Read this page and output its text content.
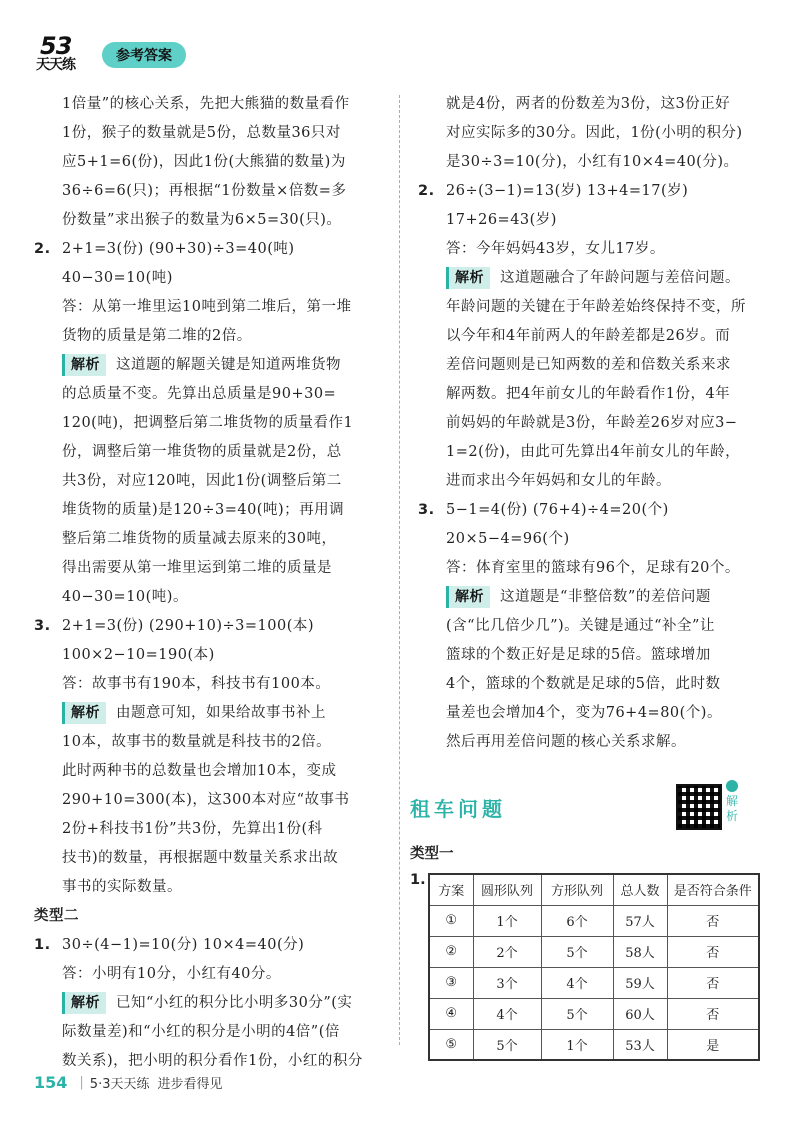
53
天天练
参考答案
1倍量”的核心关系，先把大熊猫的数量看作
1份，猴子的数量就是5份，总数量36只对
应5+1=6(份)，因此1份(大熊猫的数量)为
36÷6=6(只)；再根据“1份数量×倍数=多
份数量”求出猴子的数量为6×5=30(只)。
2. 2+1=3(份) (90+30)÷3=40(吨)
40−30=10(吨)
答：从第一堆里运10吨到第二堆后，第一堆
货物的质量是第二堆的2倍。
解析 这道题的解题关键是知道两堆货物
的总质量不变。先算出总质量是90+30=
120(吨)，把调整后第二堆货物的质量看作1
份，调整后第一堆货物的质量就是2份，总
共3份，对应120吨，因此1份(调整后第二
堆货物的质量)是120÷3=40(吨)；再用调
整后第二堆货物的质量减去原来的30吨，
得出需要从第一堆里运到第二堆的质量是
40−30=10(吨)。
3. 2+1=3(份) (290+10)÷3=100(本)
100×2−10=190(本)
答：故事书有190本，科技书有100本。
解析 由题意可知，如果给故事书补上
10本，故事书的数量就是科技书的2倍。
此时两种书的总数量也会增加10本，变成
290+10=300(本)，这300本对应“故事书
2份+科技书1份”共3份，先算出1份(科
技书)的数量，再根据题中数量关系求出故
事书的实际数量。
类型二
1. 30÷(4−1)=10(分) 10×4=40(分)
答：小明有10分，小红有40分。
解析 已知“小红的积分比小明多30分”(实
际数量差)和“小红的积分是小明的4倍”(倍
数关系)，把小明的积分看作1份，小红的积分
就是4份，两者的份数差为3份，这3份正好
对应实际多的30分。因此，1份(小明的积分)
是30÷3=10(分)，小红有10×4=40(分)。
2. 26÷(3−1)=13(岁) 13+4=17(岁)
17+26=43(岁)
答：今年妈妈43岁，女儿17岁。
解析 这道题融合了年龄问题与差倍问题。
年龄问题的关键在于年龄差始终保持不变，所
以今年和4年前两人的年龄差都是26岁。而
差倍问题则是已知两数的差和倍数关系来求
解两数。把4年前女儿的年龄看作1份，4年
前妈妈的年龄就是3份，年龄差26岁对应3−
1=2(份)，由此可先算出4年前女儿的年龄，
进而求出今年妈妈和女儿的年龄。
3. 5−1=4(份) (76+4)÷4=20(个)
20×5−4=96(个)
答：体育室里的篮球有96个，足球有20个。
解析 这道题是“非整倍数”的差倍问题
(含“比几倍少几”)。关键是通过“补全”让
篮球的个数正好是足球的5倍。篮球增加
4个，篮球的个数就是足球的5倍，此时数
量差也会增加4个，变为76+4=80(个)。
然后再用差倍问题的核心关系求解。
租车问题	解析
类型一
1.
方案	圆形队列	方形队列	总人数	是否符合条件
①	1个	6个	57人	否
②	2个	5个	58人	否
③	3个	4个	59人	否
④	4个	5个	60人	否
⑤	5个	1个	53人	是
154 | 5·3天天练 进步看得见
